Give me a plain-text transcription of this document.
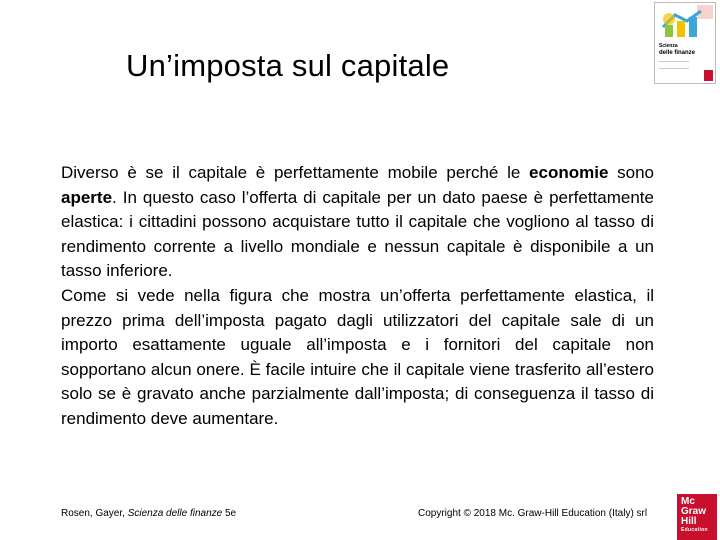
Un’imposta sul capitale
Scienza
delle finanze

Diverso è se il capitale è perfettamente mobile perché le economie sono aperte. In questo caso l’offerta di capitale per un dato paese è perfettamente elastica: i cittadini possono acquistare tutto il capitale che vogliono al tasso di rendimento corrente a livello mondiale e nessun capitale è disponibile a un tasso inferiore.

Come si vede nella figura che mostra un’offerta perfettamente elastica, il prezzo prima dell’imposta pagato dagli utilizzatori del capitale sale di un importo esattamente uguale all’imposta e i fornitori del capitale non sopportano alcun onere. È facile intuire che il capitale viene trasferito all’estero solo se è gravato anche parzialmente dall’imposta; di conseguenza il tasso di rendimento deve aumentare.

Rosen, Gayer, Scienza delle finanze 5e	Copyright © 2018 Mc. Graw-Hill Education (Italy) srl
Mc
Graw
Hill
Education
